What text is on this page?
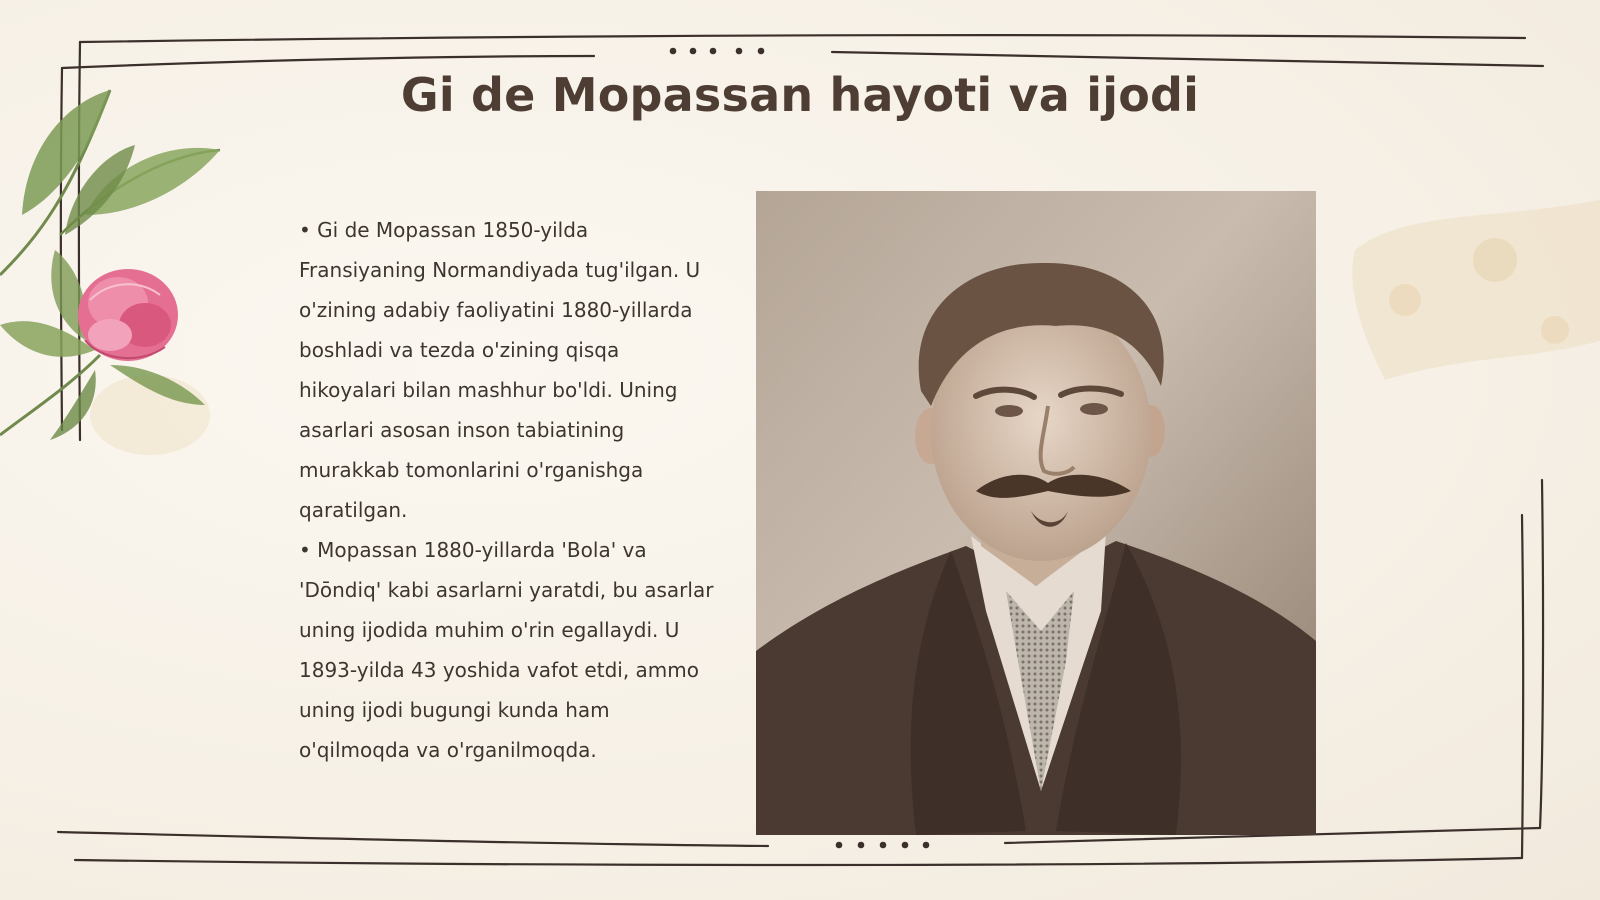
Gi de Mopassan hayoti va ijodi

• Gi de Mopassan 1850-yilda Fransiyaning Normandiyada tug'ilgan. U o'zining adabiy faoliyatini 1880-yillarda boshladi va tezda o'zining qisqa hikoyalari bilan mashhur bo'ldi. Uning asarlari asosan inson tabiatining murakkab tomonlarini o'rganishga qaratilgan.

• Mopassan 1880-yillarda 'Bola' va 'Dōndiq' kabi asarlarni yaratdi, bu asarlar uning ijodida muhim o'rin egallaydi. U 1893-yilda 43 yoshida vafot etdi, ammo uning ijodi bugungi kunda ham o'qilmoqda va o'rganilmoqda.
